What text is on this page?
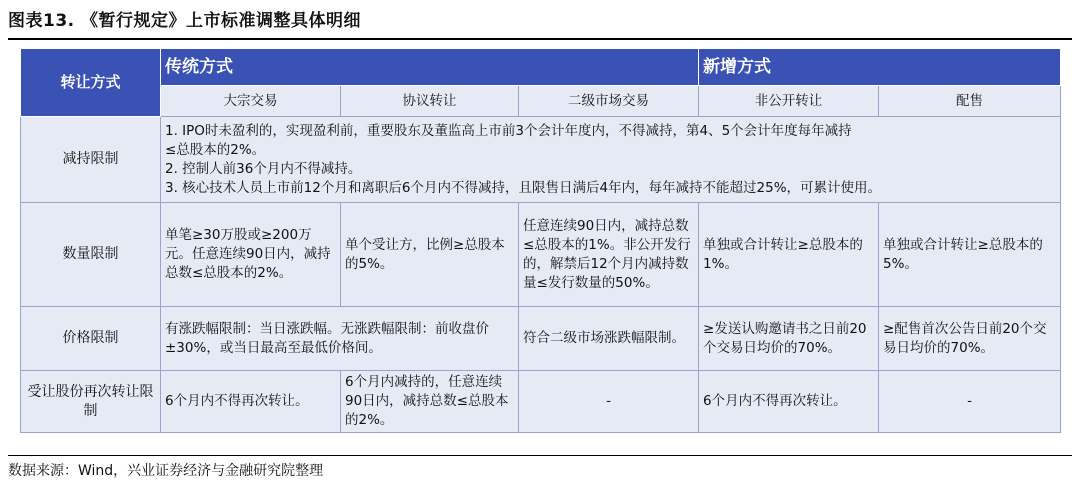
图表13. 《暂行规定》上市标准调整具体明细
转让方式	传统方式			新增方式	
	大宗交易	协议转让	二级市场交易	非公开转让	配售
减持限制	1. IPO时未盈利的，实现盈利前，重要股东及董监高上市前3个会计年度内，不得减持，第4、5个会计年度每年减持
≤总股本的2%。
2. 控制人前36个月内不得减持。
3. 核心技术人员上市前12个月和离职后6个月内不得减持，且限售日满后4年内，每年减持不能超过25%，可累计使用。				

数量限制	单笔≥30万股或≥200万元。任意连续90日内，减持总数≤总股本的2%。	单个受让方，比例≥总股本的5%。	任意连续90日内，减持总数≤总股本的1%。非公开发行的，解禁后12个月内减持数量≤发行数量的50%。	单独或合计转让≥总股本的1%。	单独或合计转让≥总股本的5%。

价格限制	有涨跌幅限制：当日涨跌幅。无涨跌幅限制：前收盘价±30%，或当日最高至最低价格间。		符合二级市场涨跌幅限制。	≥发送认购邀请书之日前20个交易日均价的70%。	≥配售首次公告日前20个交易日均价的70%。

受让股份再次转让限制	6个月内不得再次转让。	6个月内减持的，任意连续90日内，减持总数≤总股本的2%。	-	6个月内不得再次转让。	-
数据来源：Wind，兴业证券经济与金融研究院整理
